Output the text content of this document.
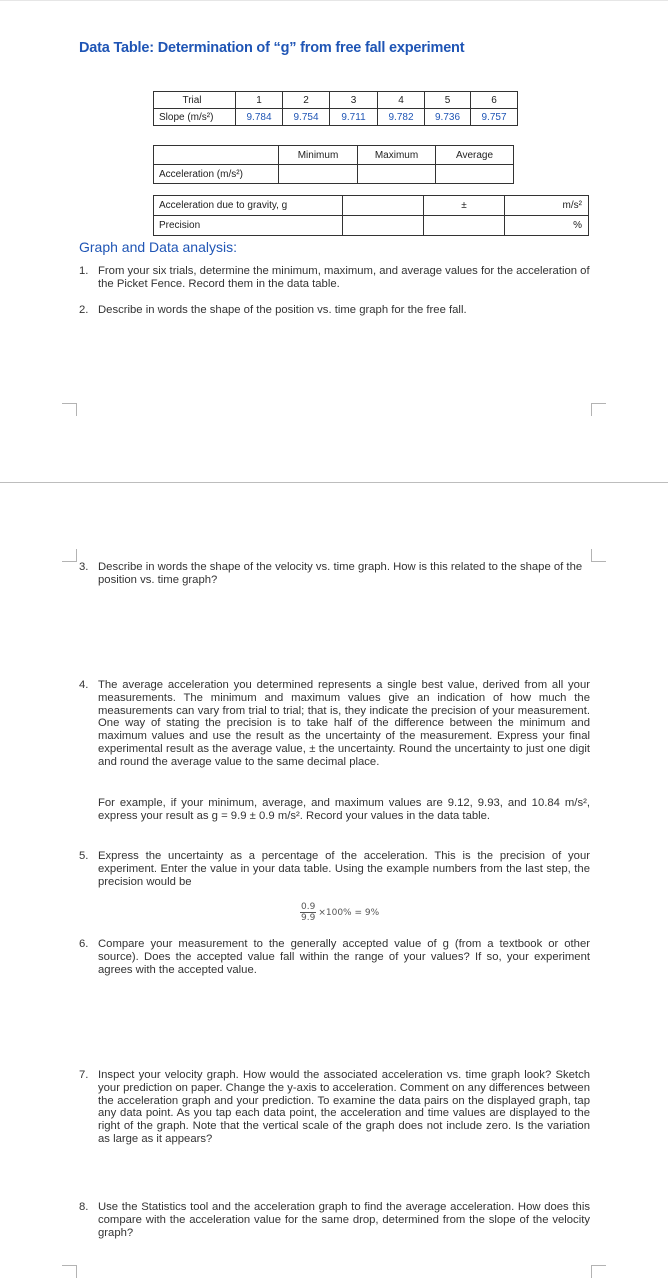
Data Table: Determination of “g” from free fall experiment
Trial	1	2	3	4	5	6
Slope (m/s²)	9.784	9.754	9.711	9.782	9.736	9.757
	Minimum	Maximum	Average
Acceleration (m/s²)			
Acceleration due to gravity, g		±	m/s²
Precision			%
Graph and Data analysis:
1. From your six trials, determine the minimum, maximum, and average values for the acceleration of the Picket Fence. Record them in the data table.
2. Describe in words the shape of the position vs. time graph for the free fall.
3. Describe in words the shape of the velocity vs. time graph. How is this related to the shape of the position vs. time graph?
4. The average acceleration you determined represents a single best value, derived from all your measurements. The minimum and maximum values give an indication of how much the measurements can vary from trial to trial; that is, they indicate the precision of your measurement. One way of stating the precision is to take half of the difference between the minimum and maximum values and use the result as the uncertainty of the measurement. Express your final experimental result as the average value, ± the uncertainty. Round the uncertainty to just one digit and round the average value to the same decimal place.
For example, if your minimum, average, and maximum values are 9.12, 9.93, and 10.84 m/s², express your result as g = 9.9 ± 0.9 m/s². Record your values in the data table.
5. Express the uncertainty as a percentage of the acceleration. This is the precision of your experiment. Enter the value in your data table. Using the example numbers from the last step, the precision would be
$\frac{0.9}{9.9} \times 100\% = 9\%$
6. Compare your measurement to the generally accepted value of g (from a textbook or other source). Does the accepted value fall within the range of your values? If so, your experiment agrees with the accepted value.
7. Inspect your velocity graph. How would the associated acceleration vs. time graph look? Sketch your prediction on paper. Change the y-axis to acceleration. Comment on any differences between the acceleration graph and your prediction. To examine the data pairs on the displayed graph, tap any data point. As you tap each data point, the acceleration and time values are displayed to the right of the graph. Note that the vertical scale of the graph does not include zero. Is the variation as large as it appears?
8. Use the Statistics tool and the acceleration graph to find the average acceleration. How does this compare with the acceleration value for the same drop, determined from the slope of the velocity graph?
